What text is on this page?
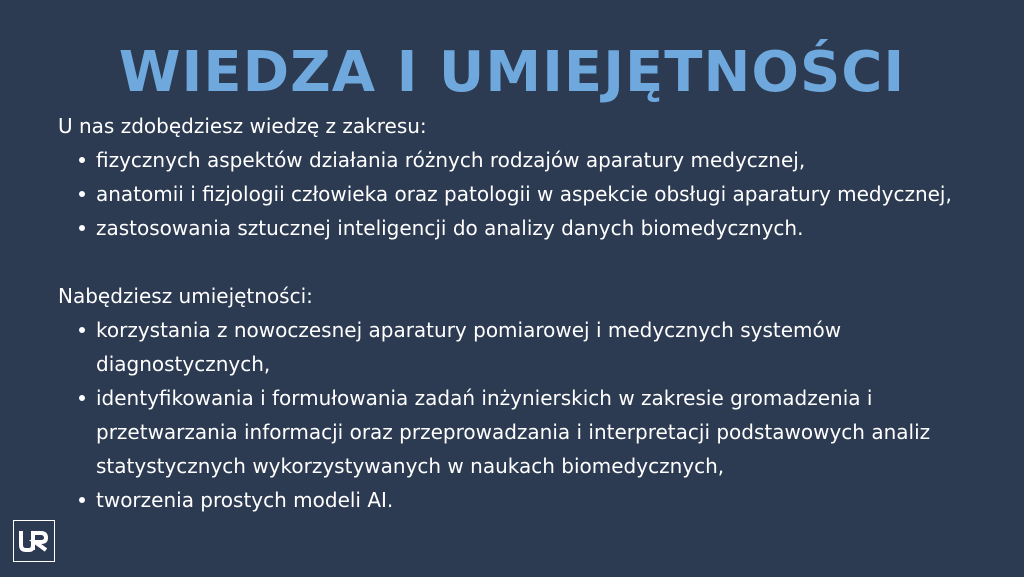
WIEDZA I UMIEJĘTNOŚCI

U nas zdobędziesz wiedzę z zakresu:

fizycznych aspektów działania różnych rodzajów aparatury medycznej,
anatomii i fizjologii człowieka oraz patologii w aspekcie obsługi aparatury medycznej,
zastosowania sztucznej inteligencji do analizy danych biomedycznych.

Nabędziesz umiejętności:

korzystania z nowoczesnej aparatury pomiarowej i medycznych systemów diagnostycznych,
identyfikowania i formułowania zadań inżynierskich w zakresie gromadzenia i przetwarzania informacji oraz przeprowadzania i interpretacji podstawowych analiz statystycznych wykorzystywanych w naukach biomedycznych,
tworzenia prostych modeli AI.
